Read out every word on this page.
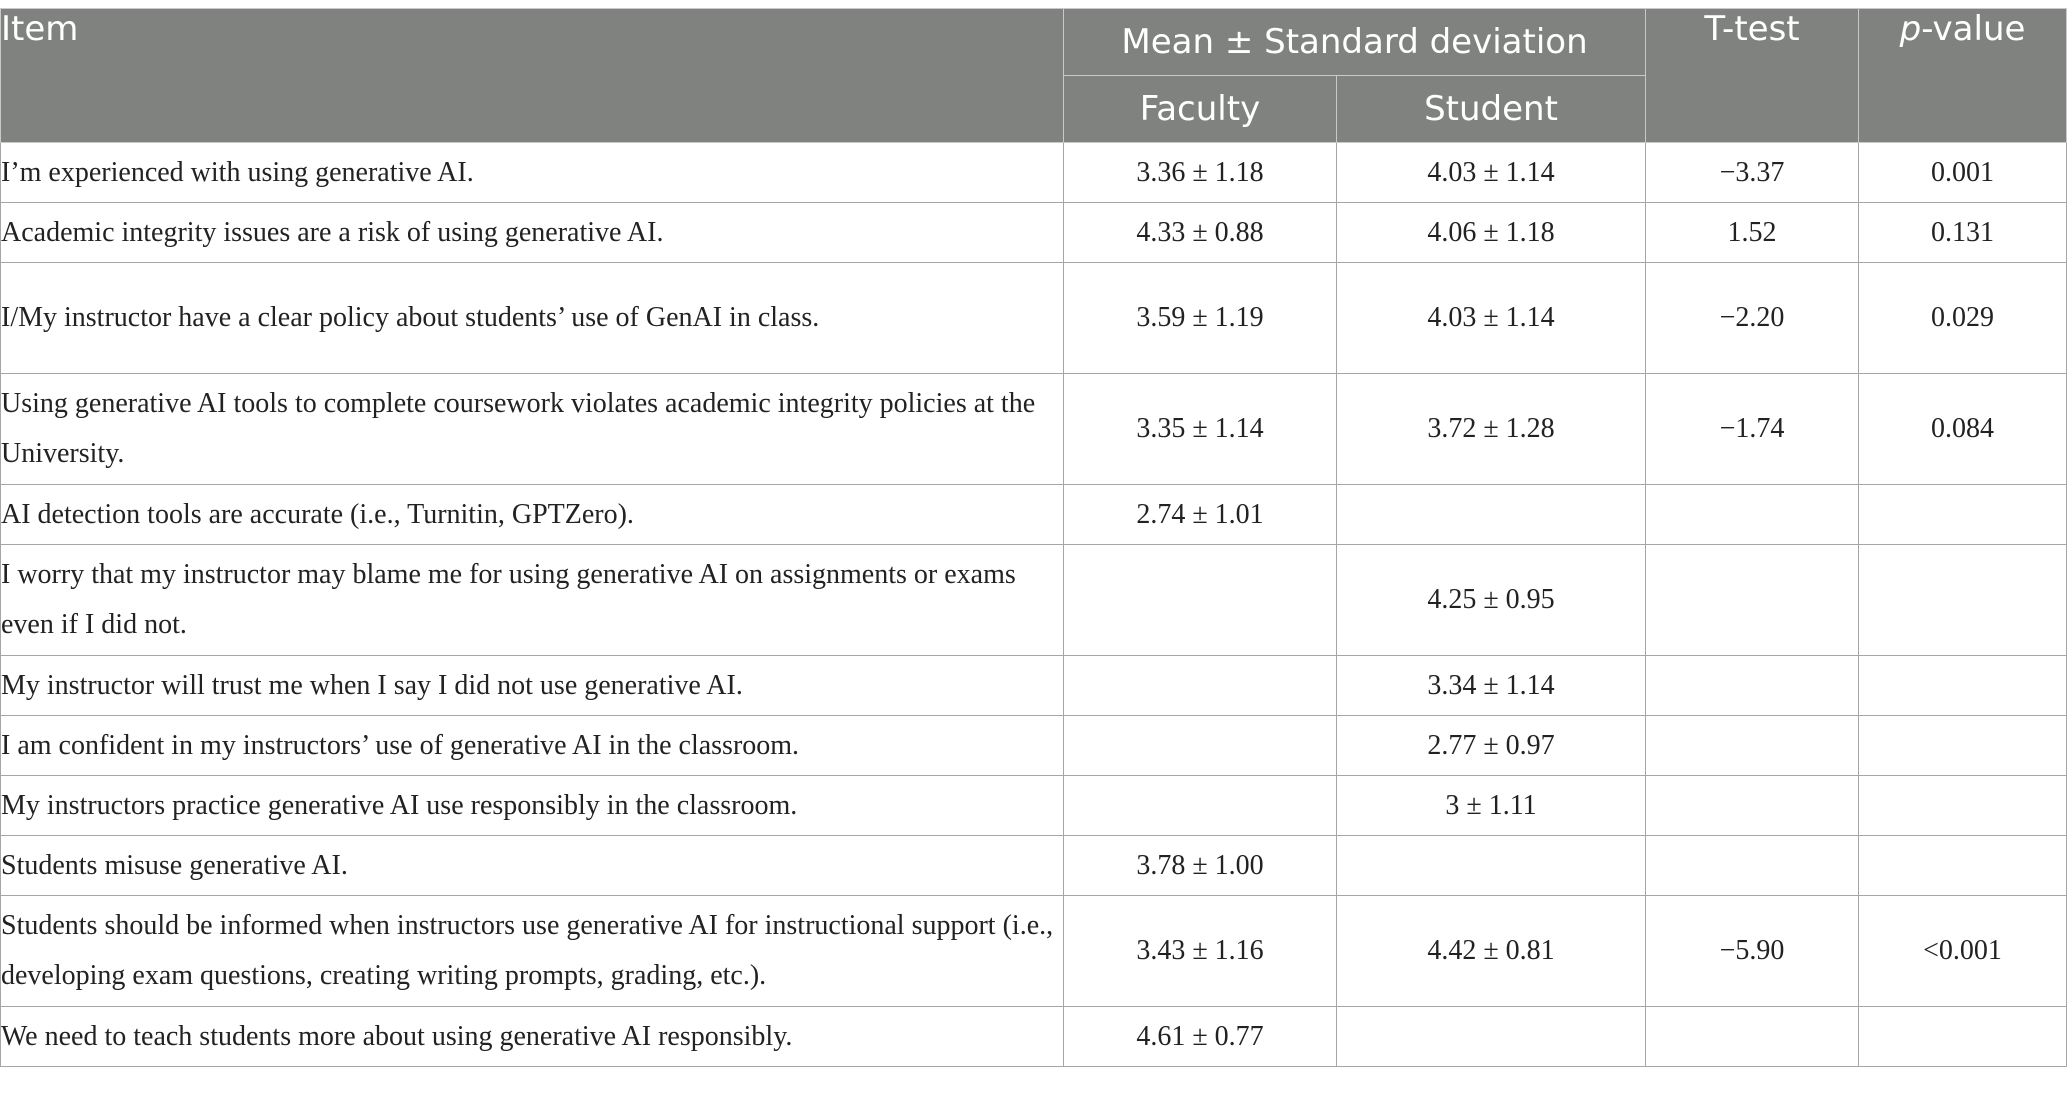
Item	Mean ± Standard deviation		T-test	p-value
	Faculty	Student		
I’m experienced with using generative AI.	3.36 ± 1.18	4.03 ± 1.14	−3.37	0.001
Academic integrity issues are a risk of using generative AI.	4.33 ± 0.88	4.06 ± 1.18	1.52	0.131
I/My instructor have a clear policy about students’ use of GenAI in class.	3.59 ± 1.19	4.03 ± 1.14	−2.20	0.029
Using generative AI tools to complete coursework violates academic integrity policies at the University.	3.35 ± 1.14	3.72 ± 1.28	−1.74	0.084
AI detection tools are accurate (i.e., Turnitin, GPTZero).	2.74 ± 1.01			
I worry that my instructor may blame me for using generative AI on assignments or exams even if I did not.		4.25 ± 0.95		
My instructor will trust me when I say I did not use generative AI.		3.34 ± 1.14		
I am confident in my instructors’ use of generative AI in the classroom.		2.77 ± 0.97		
My instructors practice generative AI use responsibly in the classroom.		3 ± 1.11		
Students misuse generative AI.	3.78 ± 1.00			
Students should be informed when instructors use generative AI for instructional support (i.e., developing exam questions, creating writing prompts, grading, etc.).	3.43 ± 1.16	4.42 ± 0.81	−5.90	<0.001
We need to teach students more about using generative AI responsibly.	4.61 ± 0.77			
